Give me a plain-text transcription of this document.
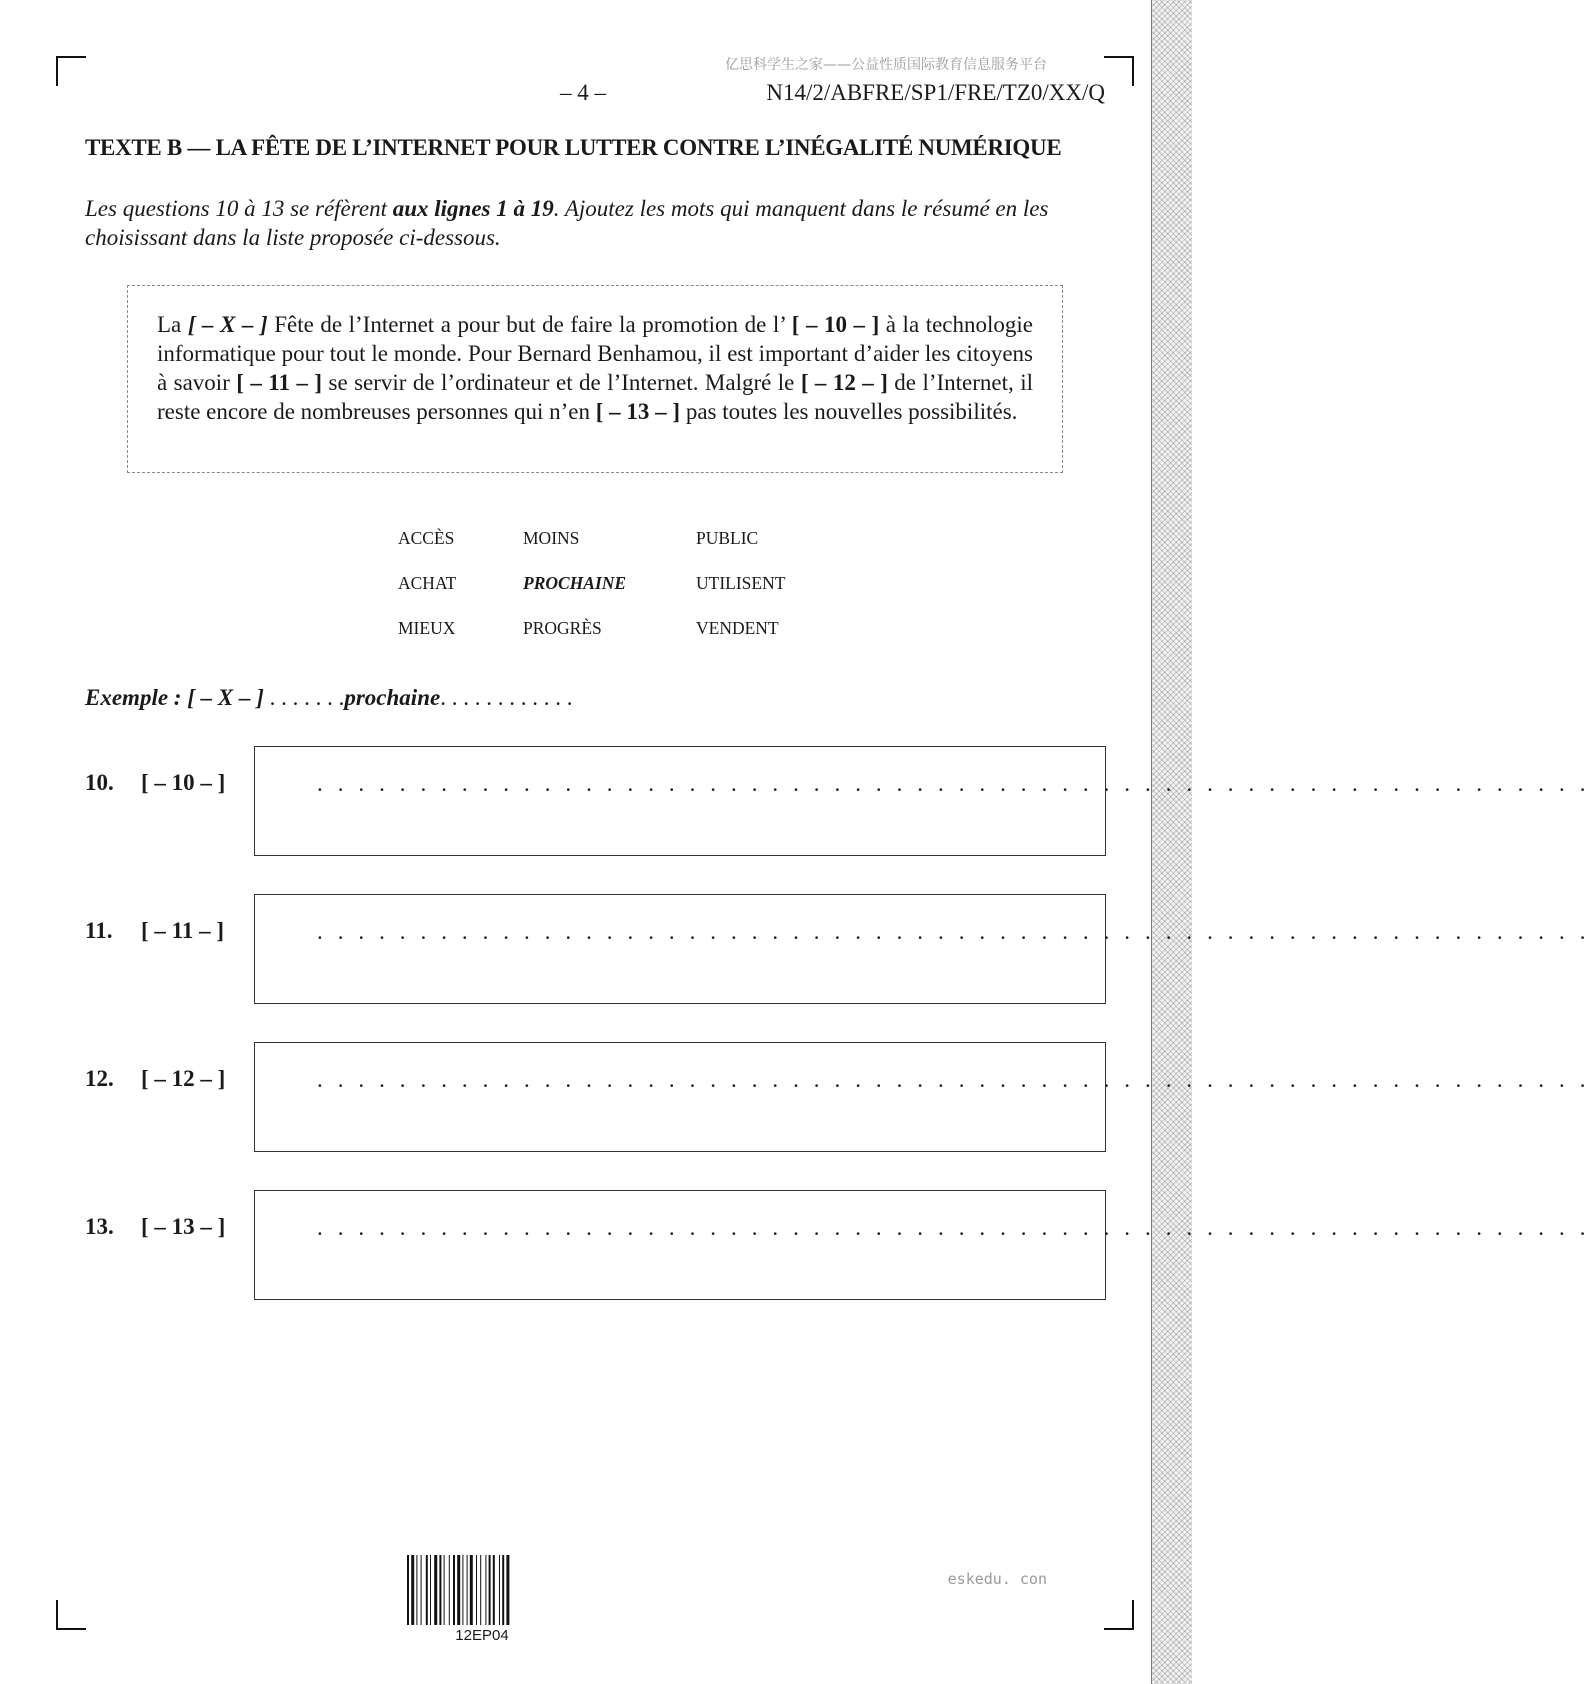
亿思科学生之家——公益性质国际教育信息服务平台
– 4 –	N14/2/ABFRE/SP1/FRE/TZ0/XX/Q
TEXTE B — LA FÊTE DE L’INTERNET POUR LUTTER CONTRE L’INÉGALITÉ NUMÉRIQUE
Les questions 10 à 13 se réfèrent aux lignes 1 à 19. Ajoutez les mots qui manquent dans le résumé en les choisissant dans la liste proposée ci-dessous.
La [ – X – ] Fête de l’Internet a pour but de faire la promotion de l’ [ – 10 – ] à la technologie informatique pour tout le monde. Pour Bernard Benhamou, il est important d’aider les citoyens à savoir [ – 11 – ] se servir de l’ordinateur et de l’Internet. Malgré le [ – 12 – ] de l’Internet, il reste encore de nombreuses personnes qui n’en [ – 13 – ] pas toutes les nouvelles possibilités.
ACCÈS	MOINS	PUBLIC
ACHAT	PROCHAINE	UTILISENT
MIEUX	PROGRÈS	VENDENT
Exemple : [ – X – ] . . . . . . .prochaine. . . . . . . . . . . .
10. [ – 10 – ]	. . . . . . . . . . . . . . . . . . . . . . . . . . . . . . . . . . . . . . . . . . . . . . . . . . . . . . . . . . . . . .
11. [ – 11 – ]	. . . . . . . . . . . . . . . . . . . . . . . . . . . . . . . . . . . . . . . . . . . . . . . . . . . . . . . . . . . . . .
12. [ – 12 – ]	. . . . . . . . . . . . . . . . . . . . . . . . . . . . . . . . . . . . . . . . . . . . . . . . . . . . . . . . . . . . . .
13. [ – 13 – ]	. . . . . . . . . . . . . . . . . . . . . . . . . . . . . . . . . . . . . . . . . . . . . . . . . . . . . . . . . . . . . .
12EP04
eskedu. con
